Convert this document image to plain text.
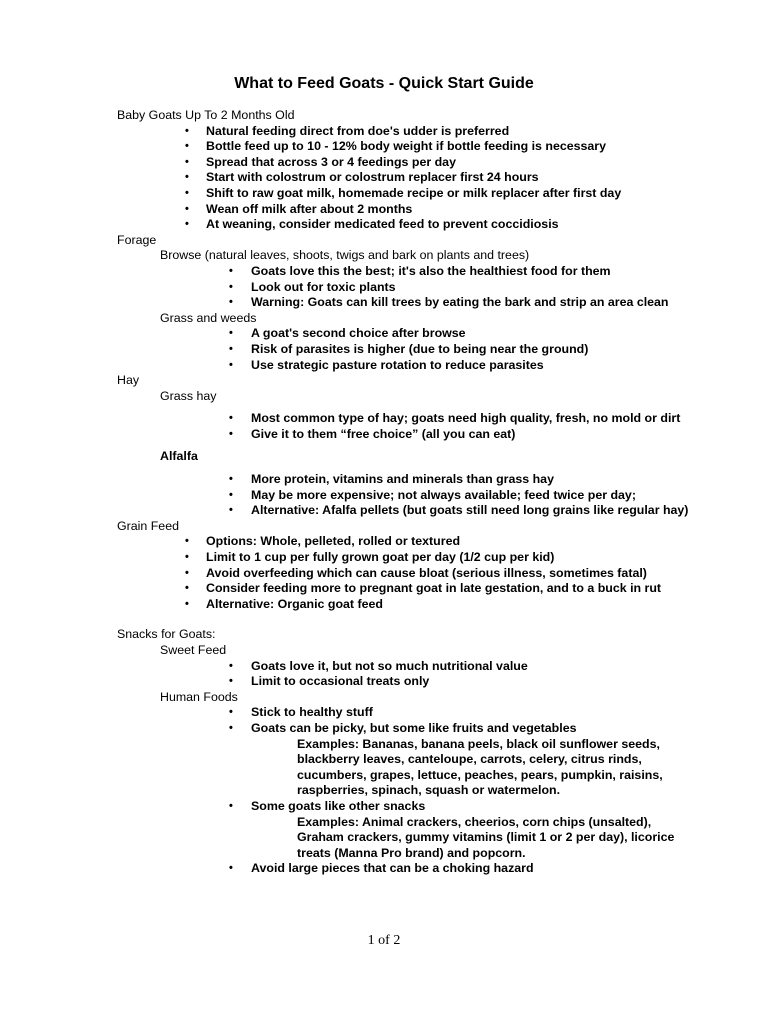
What to Feed Goats - Quick Start Guide
Baby Goats Up To 2 Months Old
• Natural feeding direct from doe's udder is preferred
• Bottle feed up to 10 - 12% body weight if bottle feeding is necessary
• Spread that across 3 or 4 feedings per day
• Start with colostrum or colostrum replacer first 24 hours
• Shift to raw goat milk, homemade recipe or milk replacer after first day
• Wean off milk after about 2 months
• At weaning, consider medicated feed to prevent coccidiosis
Forage
Browse (natural leaves, shoots, twigs and bark on plants and trees)
• Goats love this the best; it's also the healthiest food for them
• Look out for toxic plants
• Warning: Goats can kill trees by eating the bark and strip an area clean
Grass and weeds
• A goat's second choice after browse
• Risk of parasites is higher (due to being near the ground)
• Use strategic pasture rotation to reduce parasites
Hay
Grass hay
• Most common type of hay; goats need high quality, fresh, no mold or dirt
• Give it to them “free choice” (all you can eat)
Alfalfa
• More protein, vitamins and minerals than grass hay
• May be more expensive; not always available; feed twice per day;
• Alternative: Afalfa pellets (but goats still need long grains like regular hay)
Grain Feed
• Options: Whole, pelleted, rolled or textured
• Limit to 1 cup per fully grown goat per day (1/2 cup per kid)
• Avoid overfeeding which can cause bloat (serious illness, sometimes fatal)
• Consider feeding more to pregnant goat in late gestation, and to a buck in rut
• Alternative: Organic goat feed
Snacks for Goats:
Sweet Feed
• Goats love it, but not so much nutritional value
• Limit to occasional treats only
Human Foods
• Stick to healthy stuff
• Goats can be picky, but some like fruits and vegetables
Examples: Bananas, banana peels, black oil sunflower seeds,
blackberry leaves, canteloupe, carrots, celery, citrus rinds,
cucumbers, grapes, lettuce, peaches, pears, pumpkin, raisins,
raspberries, spinach, squash or watermelon.
• Some goats like other snacks
Examples: Animal crackers, cheerios, corn chips (unsalted),
Graham crackers, gummy vitamins (limit 1 or 2 per day), licorice
treats (Manna Pro brand) and popcorn.
• Avoid large pieces that can be a choking hazard
1 of 2
